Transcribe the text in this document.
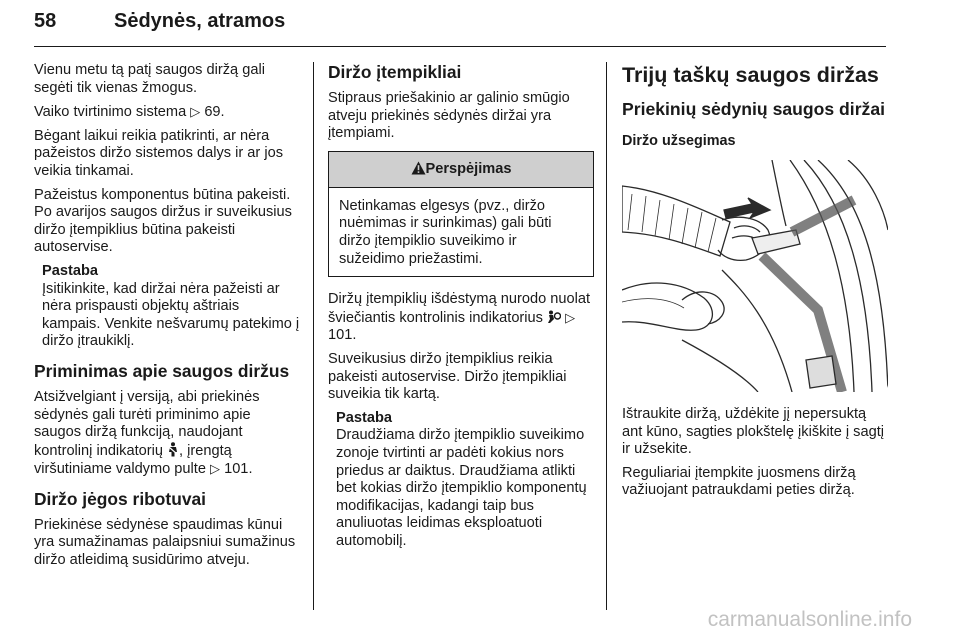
58	Sėdynės, atramos

Vienu metu tą patį saugos diržą gali segėti tik vienas žmogus.

Vaiko tvirtinimo sistema ▷ 69.

Bėgant laikui reikia patikrinti, ar nėra pažeistos diržo sistemos dalys ir ar jos veikia tinkamai.

Pažeistus komponentus būtina pakeisti. Po avarijos saugos diržus ir suveikusius diržo įtempiklius būtina pakeisti autoservise.

Pastaba

Įsitikinkite, kad diržai nėra pažeisti ar nėra prispausti objektų aštriais kampais. Venkite nešvarumų patekimo į diržo įtraukiklį.

Priminimas apie saugos diržus

Atsižvelgiant į versiją, abi priekinės sėdynės gali turėti priminimo apie saugos diržą funkciją, naudojant kontrolinį indikatorių , įrengtą viršutiniame valdymo pulte ▷ 101.

Diržo jėgos ribotuvai

Priekinėse sėdynėse spaudimas kūnui yra sumažinamas palaipsniui sumažinus diržo atleidimą susidūrimo atveju.

Diržo įtempikliai

Stipraus priešakinio ar galinio smūgio atveju priekinės sėdynės diržai yra įtempiami.

Perspėjimas
Netinkamas elgesys (pvz., diržo nuėmimas ir surinkimas) gali būti diržo įtempiklio suveikimo ir sužeidimo priežastimi.

Diržų įtempiklių išdėstymą nurodo nuolat šviečiantis kontrolinis indikatorius  ▷ 101.

Suveikusius diržo įtempiklius reikia pakeisti autoservise. Diržo įtempikliai suveikia tik kartą.

Pastaba

Draudžiama diržo įtempiklio suveikimo zonoje tvirtinti ar padėti kokius nors priedus ar daiktus. Draudžiama atlikti bet kokias diržo įtempiklio komponentų modifikacijas, kadangi taip bus anuliuotas leidimas eksploatuoti automobilį.

Trijų taškų saugos diržas
Priekinių sėdynių saugos diržai
Diržo užsegimas

Ištraukite diržą, uždėkite jį nepersuktą ant kūno, sagties plokštelę įkiškite į sagtį ir užsekite.

Reguliariai įtempkite juosmens diržą važiuojant patraukdami peties diržą.

carmanualsonline.info
